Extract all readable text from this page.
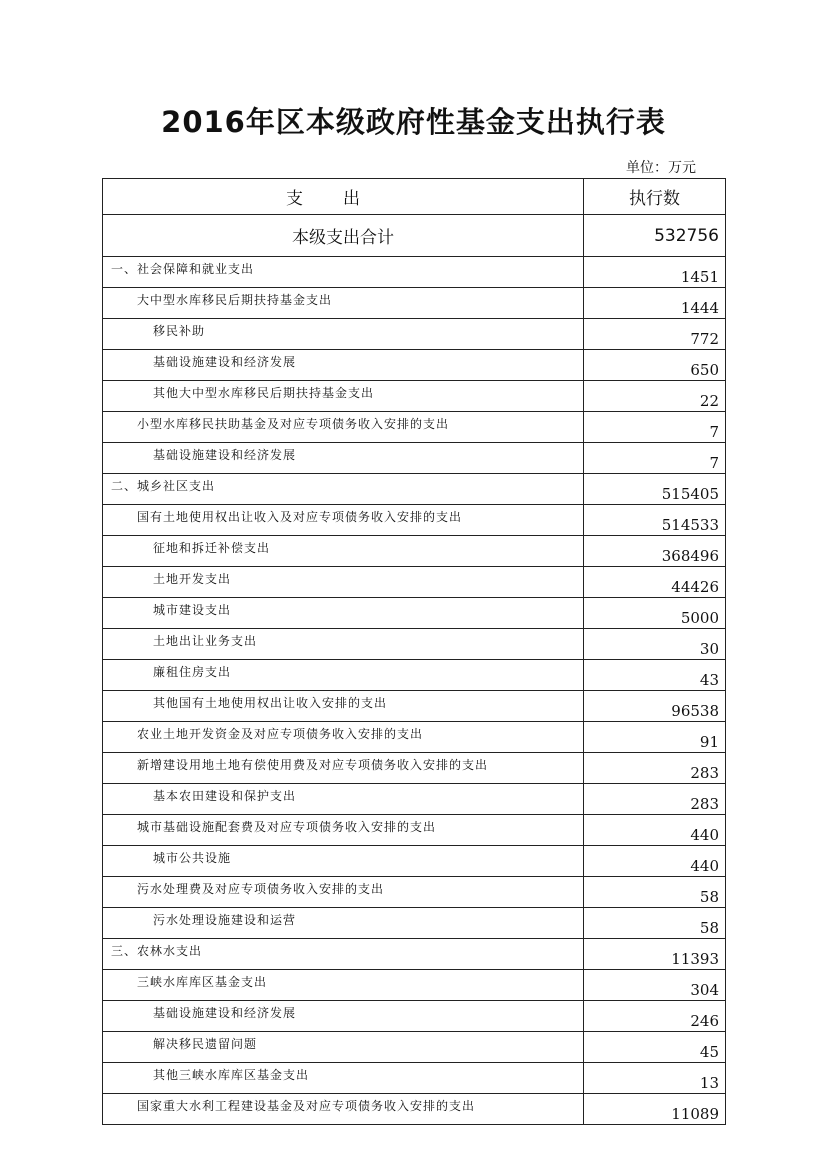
2016年区本级政府性基金支出执行表
单位：万元
支出	执行数
本级支出合计	532756
一、社会保障和就业支出	1451
大中型水库移民后期扶持基金支出	1444
移民补助	772
基础设施建设和经济发展	650
其他大中型水库移民后期扶持基金支出	22
小型水库移民扶助基金及对应专项债务收入安排的支出	7
基础设施建设和经济发展	7
二、城乡社区支出	515405
国有土地使用权出让收入及对应专项债务收入安排的支出	514533
征地和拆迁补偿支出	368496
土地开发支出	44426
城市建设支出	5000
土地出让业务支出	30
廉租住房支出	43
其他国有土地使用权出让收入安排的支出	96538
农业土地开发资金及对应专项债务收入安排的支出	91
新增建设用地土地有偿使用费及对应专项债务收入安排的支出	283
基本农田建设和保护支出	283
城市基础设施配套费及对应专项债务收入安排的支出	440
城市公共设施	440
污水处理费及对应专项债务收入安排的支出	58
污水处理设施建设和运营	58
三、农林水支出	11393
三峡水库库区基金支出	304
基础设施建设和经济发展	246
解决移民遗留问题	45
其他三峡水库库区基金支出	13
国家重大水利工程建设基金及对应专项债务收入安排的支出	11089
